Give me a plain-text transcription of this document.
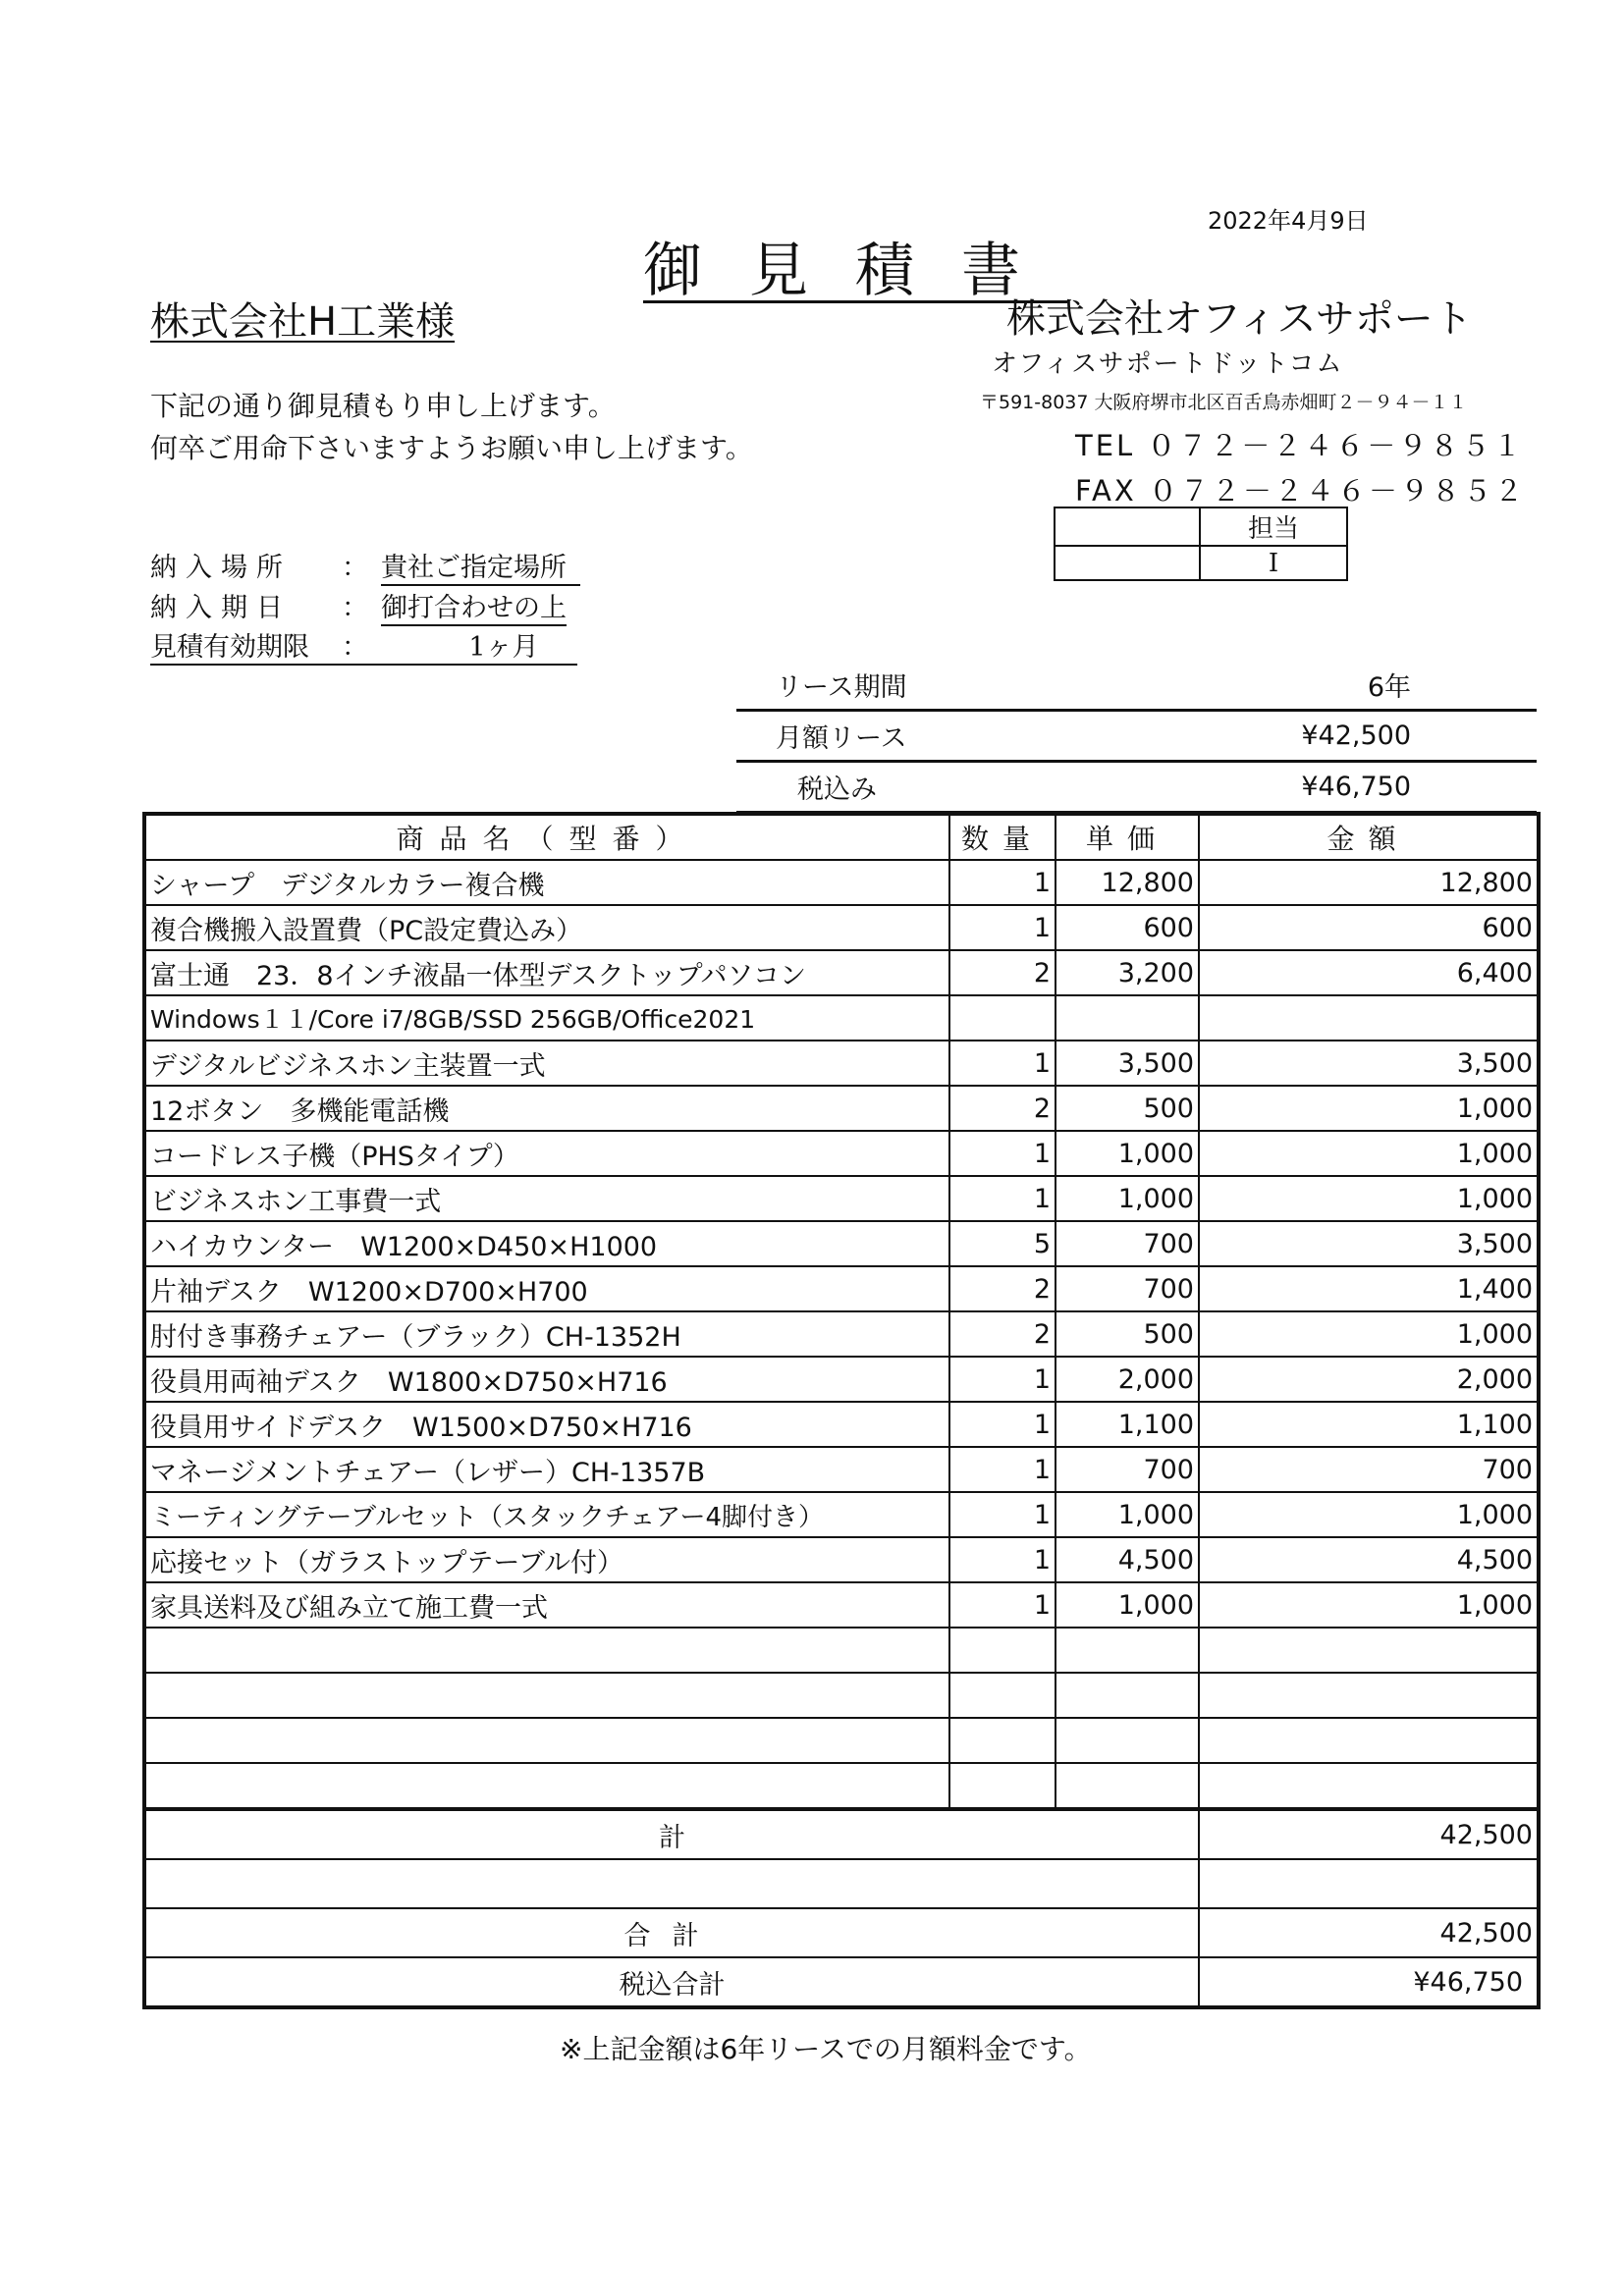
2022年4月9日
御見積書
株式会社H工業様	株式会社オフィスサポート
オフィスサポートドットコム
〒591-8037 大阪府堺市北区百舌鳥赤畑町２－９４－１１
TEL ０７２－２４６－９８５１
FAX ０７２－２４６－９８５２
下記の通り御見積もり申し上げます。
何卒ご用命下さいますようお願い申し上げます。
	担当
	I
納入場所 ： 貴社ご指定場所
納入期日 ： 御打合わせの上
見積有効期限 ：	1ヶ月
リース期間	6年
月額リース	¥42,500
税込み	¥46,750
商品名（型番）	数量	単価	金額
シャープ　デジタルカラー複合機	1	12,800	12,800
複合機搬入設置費（PC設定費込み）	1	600	600
富士通　23．8インチ液晶一体型デスクトップパソコン	2	3,200	6,400
Windows１１/Core i7/8GB/SSD 256GB/Office2021			
デジタルビジネスホン主装置一式	1	3,500	3,500
12ボタン　多機能電話機	2	500	1,000
コードレス子機（PHSタイプ）	1	1,000	1,000
ビジネスホン工事費一式	1	1,000	1,000
ハイカウンター　W1200×D450×H1000	5	700	3,500
片袖デスク　W1200×D700×H700	2	700	1,400
肘付き事務チェアー（ブラック）CH-1352H	2	500	1,000
役員用両袖デスク　W1800×D750×H716	1	2,000	2,000
役員用サイドデスク　W1500×D750×H716	1	1,100	1,100
マネージメントチェアー（レザー）CH-1357B	1	700	700
ミーティングテーブルセット（スタックチェアー4脚付き）	1	1,000	1,000
応接セット（ガラストップテーブル付）	1	4,500	4,500
家具送料及び組み立て施工費一式	1	1,000	1,000

計			42,500

合計			42,500
税込合計			¥46,750
※上記金額は6年リースでの月額料金です。
